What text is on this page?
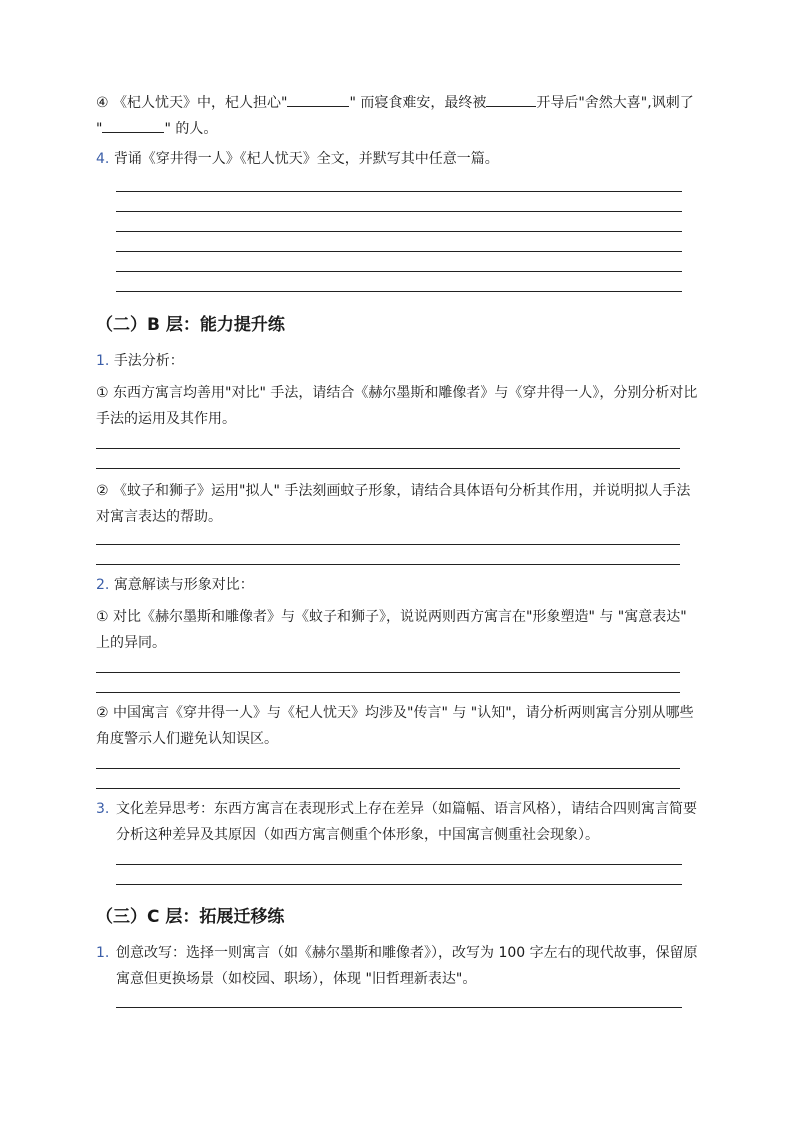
④ 《杞人忧天》中，杞人担心"	" 而寝食难安，最终被	开导后"舍然大喜",讽刺了 "	" 的人。

4. 背诵《穿井得一人》《杞人忧天》全文，并默写其中任意一篇。

（二）B 层：能力提升练

1. 手法分析：

① 东西方寓言均善用"对比" 手法，请结合《赫尔墨斯和雕像者》与《穿井得一人》，分别分析对比手法的运用及其作用。

② 《蚊子和狮子》运用"拟人" 手法刻画蚊子形象，请结合具体语句分析其作用，并说明拟人手法对寓言表达的帮助。

2. 寓意解读与形象对比：

① 对比《赫尔墨斯和雕像者》与《蚊子和狮子》，说说两则西方寓言在"形象塑造" 与 "寓意表达" 上的异同。

② 中国寓言《穿井得一人》与《杞人忧天》均涉及"传言" 与 "认知"，请分析两则寓言分别从哪些角度警示人们避免认知误区。

3. 文化差异思考：东西方寓言在表现形式上存在差异（如篇幅、语言风格），请结合四则寓言简要分析这种差异及其原因（如西方寓言侧重个体形象，中国寓言侧重社会现象）。

（三）C 层：拓展迁移练
1. 创意改写：选择一则寓言（如《赫尔墨斯和雕像者》），改写为 100 字左右的现代故事，保留原寓意但更换场景（如校园、职场），体现 "旧哲理新表达"。
